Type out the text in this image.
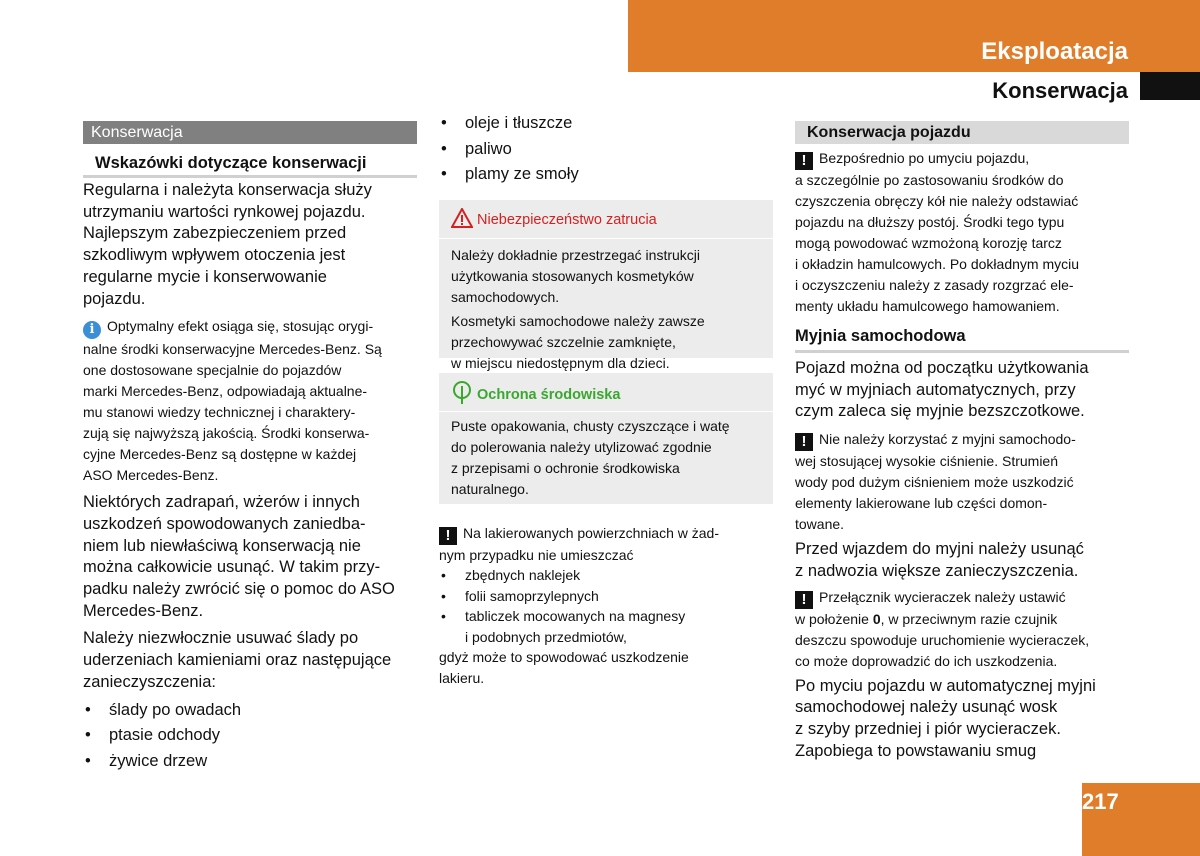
Eksploatacja
Konserwacja
Konserwacja
Wskazówki dotyczące konserwacji
Regularna i należyta konserwacja służy
utrzymaniu wartości rynkowej pojazdu.
Najlepszym zabezpieczeniem przed
szkodliwym wpływem otoczenia jest
regularne mycie i konserwowanie
pojazdu.
i Optymalny efekt osiąga się, stosując orygi-
nalne środki konserwacyjne Mercedes-Benz. Są
one dostosowane specjalnie do pojazdów
marki Mercedes-Benz, odpowiadają aktualne-
mu stanowi wiedzy technicznej i charaktery-
zują się najwyższą jakością. Środki konserwa-
cyjne Mercedes-Benz są dostępne w każdej
ASO Mercedes-Benz.
Niektórych zadrapań, wżerów i innych
uszkodzeń spowodowanych zaniedba-
niem lub niewłaściwą konserwacją nie
można całkowicie usunąć. W takim przy-
padku należy zwrócić się o pomoc do ASO
Mercedes-Benz.
Należy niezwłocznie usuwać ślady po
uderzeniach kamieniami oraz następujące
zanieczyszczenia:
• ślady po owadach
• ptasie odchody
• żywice drzew
• oleje i tłuszcze
• paliwo
• plamy ze smoły
Niebezpieczeństwo zatrucia
Należy dokładnie przestrzegać instrukcji
użytkowania stosowanych kosmetyków
samochodowych.
Kosmetyki samochodowe należy zawsze
przechowywać szczelnie zamknięte,
w miejscu niedostępnym dla dzieci.
Ochrona środowiska
Puste opakowania, chusty czyszczące i watę
do polerowania należy utylizować zgodnie
z przepisami o ochronie środkowiska
naturalnego.
! Na lakierowanych powierzchniach w żad-
nym przypadku nie umieszczać
• zbędnych naklejek
• folii samoprzylepnych
• tabliczek mocowanych na magnesy
i podobnych przedmiotów,
gdyż może to spowodować uszkodzenie
lakieru.
Konserwacja pojazdu
! Bezpośrednio po umyciu pojazdu,
a szczególnie po zastosowaniu środków do
czyszczenia obręczy kół nie należy odstawiać
pojazdu na dłuższy postój. Środki tego typu
mogą powodować wzmożoną korozję tarcz
i okładzin hamulcowych. Po dokładnym myciu
i oczyszczeniu należy z zasady rozgrzać ele-
menty układu hamulcowego hamowaniem.
Myjnia samochodowa
Pojazd można od początku użytkowania
myć w myjniach automatycznych, przy
czym zaleca się myjnie bezszczotkowe.
! Nie należy korzystać z myjni samochodo-
wej stosującej wysokie ciśnienie. Strumień
wody pod dużym ciśnieniem może uszkodzić
elementy lakierowane lub części domon-
towane.
Przed wjazdem do myjni należy usunąć
z nadwozia większe zanieczyszczenia.
! Przełącznik wycieraczek należy ustawić
w położenie 0, w przeciwnym razie czujnik
deszczu spowoduje uruchomienie wycieraczek,
co może doprowadzić do ich uszkodzenia.
Po myciu pojazdu w automatycznej myjni
samochodowej należy usunąć wosk
z szyby przedniej i piór wycieraczek.
Zapobiega to powstawaniu smug
217
